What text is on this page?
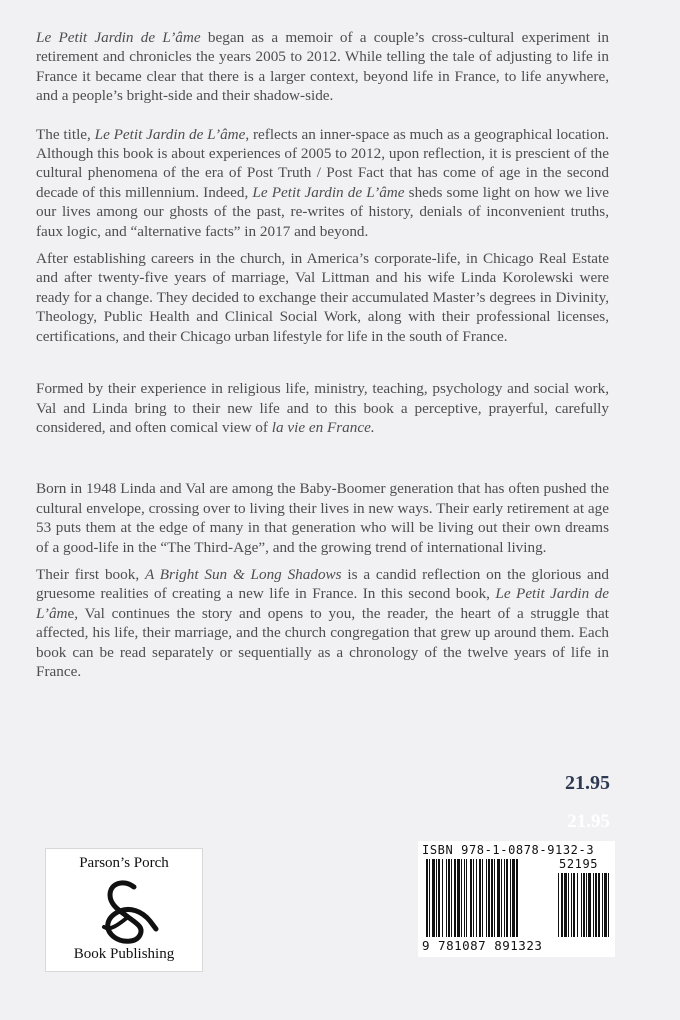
Le Petit Jardin de L’âme began as a memoir of a couple’s cross-cultural experiment in retirement and chronicles the years 2005 to 2012. While telling the tale of adjusting to life in France it became clear that there is a larger context, beyond life in France, to life anywhere, and a people’s bright-side and their shadow-side.

The title, Le Petit Jardin de L’âme, reflects an inner-space as much as a geographical location. Although this book is about experiences of 2005 to 2012, upon reflection, it is prescient of the cultural phenomena of the era of Post Truth / Post Fact that has come of age in the second decade of this millennium. Indeed, Le Petit Jardin de L’âme sheds some light on how we live our lives among our ghosts of the past, re-writes of history, denials of inconvenient truths, faux logic, and “alternative facts” in 2017 and beyond.

After establishing careers in the church, in America’s corporate-life, in Chicago Real Estate and after twenty-five years of marriage, Val Littman and his wife Linda Korolewski were ready for a change. They decided to exchange their accumulated Master’s degrees in Divinity, Theology, Public Health and Clinical Social Work, along with their professional licenses, certifications, and their Chicago urban lifestyle for life in the south of France.

Formed by their experience in religious life, ministry, teaching, psychology and social work, Val and Linda bring to their new life and to this book a perceptive, prayerful, carefully considered, and often comical view of la vie en France.

Born in 1948 Linda and Val are among the Baby-Boomer generation that has often pushed the cultural envelope, crossing over to living their lives in new ways. Their early retirement at age 53 puts them at the edge of many in that generation who will be living out their own dreams of a good-life in the “The Third-Age”, and the growing trend of international living.

Their first book, A Bright Sun & Long Shadows is a candid reflection on the glorious and gruesome realities of creating a new life in France. In this second book, Le Petit Jardin de L’âme, Val continues the story and opens to you, the reader, the heart of a struggle that affected, his life, their marriage, and the church congregation that grew up around them. Each book can be read separately or sequentially as a chronology of the twelve years of life in France.

21.95
21.95
Parson’s Porch
Book Publishing
ISBN 978-1-0878-9132-3
52195
9 781087 891323
